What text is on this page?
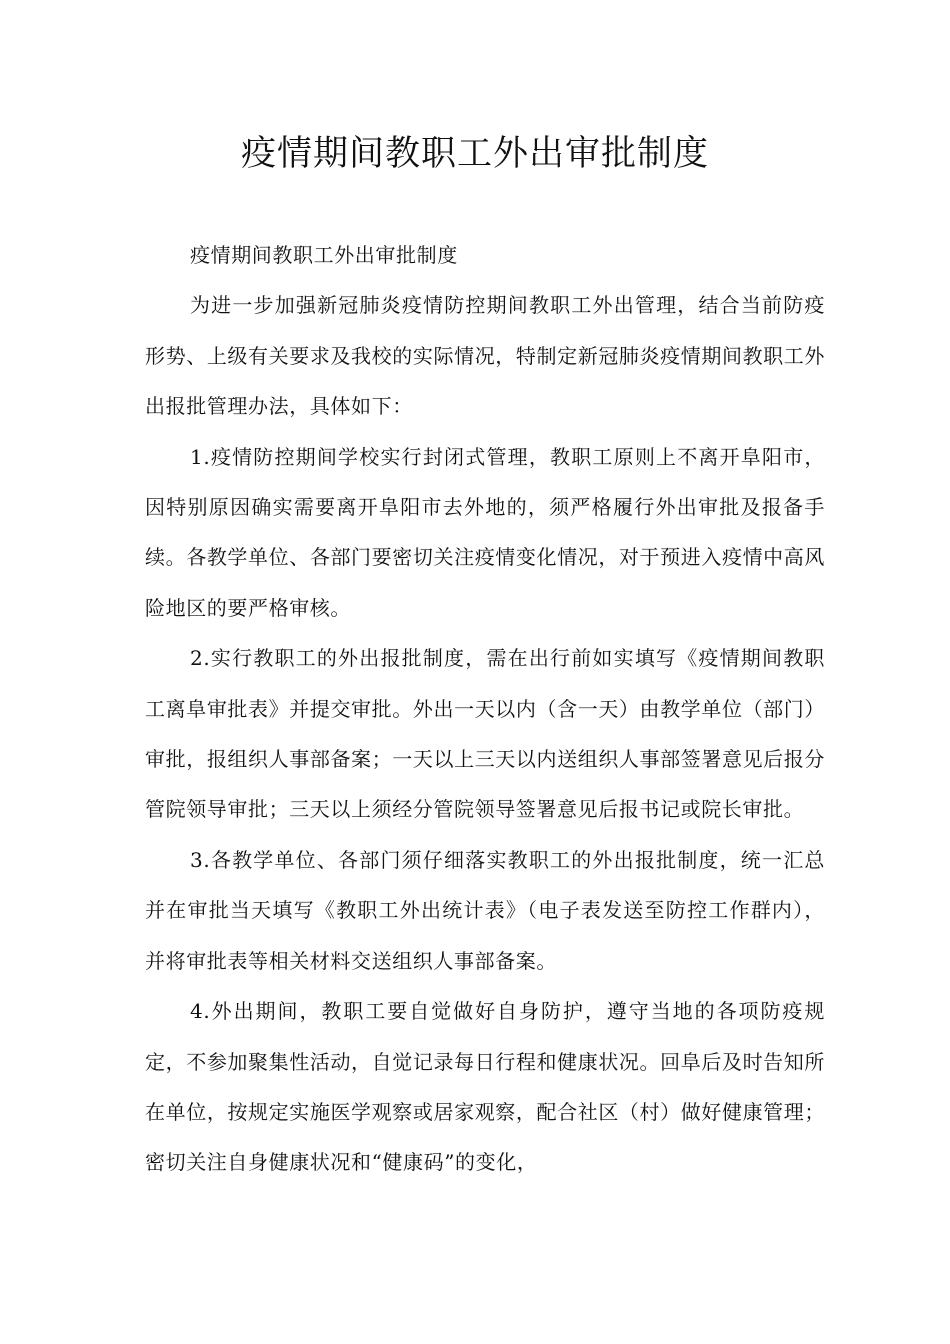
疫情期间教职工外出审批制度

疫情期间教职工外出审批制度

为进一步加强新冠肺炎疫情防控期间教职工外出管理，结合当前防疫形势、上级有关要求及我校的实际情况，特制定新冠肺炎疫情期间教职工外出报批管理办法，具体如下：

1.疫情防控期间学校实行封闭式管理，教职工原则上不离开阜阳市，因特别原因确实需要离开阜阳市去外地的，须严格履行外出审批及报备手续。各教学单位、各部门要密切关注疫情变化情况，对于预进入疫情中高风险地区的要严格审核。

2.实行教职工的外出报批制度，需在出行前如实填写《疫情期间教职工离阜审批表》并提交审批。外出一天以内（含一天）由教学单位（部门）审批，报组织人事部备案；一天以上三天以内送组织人事部签署意见后报分管院领导审批；三天以上须经分管院领导签署意见后报书记或院长审批。

3.各教学单位、各部门须仔细落实教职工的外出报批制度，统一汇总并在审批当天填写《教职工外出统计表》（电子表发送至防控工作群内），并将审批表等相关材料交送组织人事部备案。

4.外出期间，教职工要自觉做好自身防护，遵守当地的各项防疫规定，不参加聚集性活动，自觉记录每日行程和健康状况。回阜后及时告知所在单位，按规定实施医学观察或居家观察，配合社区（村）做好健康管理；密切关注自身健康状况和“健康码”的变化，
